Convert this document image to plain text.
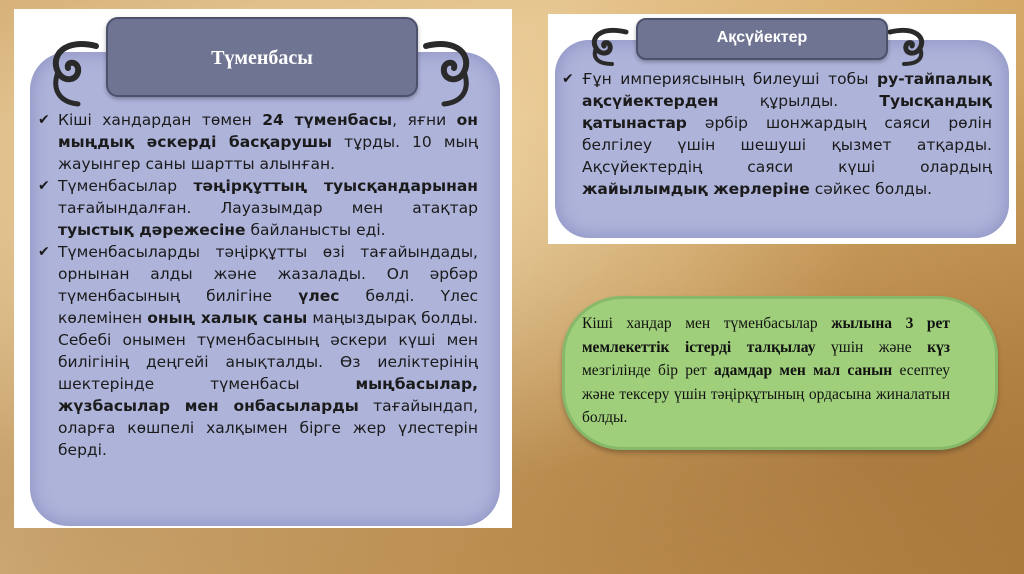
Түменбасы
✔ Кіші хандардан төмен 24 түменбасы, яғни он мыңдық әскерді басқарушы тұрды. 10 мың жауынгер саны шартты алынған.
✔ Түменбасылар тәңірқұттың туысқандарынан тағайындалған. Лауазымдар мен атақтар туыстық дәрежесіне байланысты еді.
✔ Түменбасыларды тәңірқұтты өзі тағайындады, орнынан алды және жазалады. Ол әрбәр түменбасының билігіне үлес бөлді. Үлес көлемінен оның халық саны маңыздырақ болды. Себебі онымен түменбасының әскери күші мен билігінің деңгейі анықталды. Өз иеліктерінің шектерінде түменбасы мыңбасылар, жүзбасылар мен онбасыларды тағайындап, оларға көшпелі халқымен бірге жер үлестерін берді.
Ақсүйектер
✔ Ғұн империясының билеуші тобы ру-тайпалық ақсүйектерден құрылды. Туысқандық қатынастар әрбір шонжардың саяси рөлін белгілеу үшін шешуші қызмет атқарды. Ақсүйектердің саяси күші олардың жайылымдық жерлеріне сәйкес болды.
Кіші хандар мен түменбасылар жылына 3 рет мемлекеттік істерді талқылау үшін және күз мезгілінде бір рет адамдар мен мал санын есептеу және тексеру үшін тәңірқұтының ордасына жиналатын болды.
